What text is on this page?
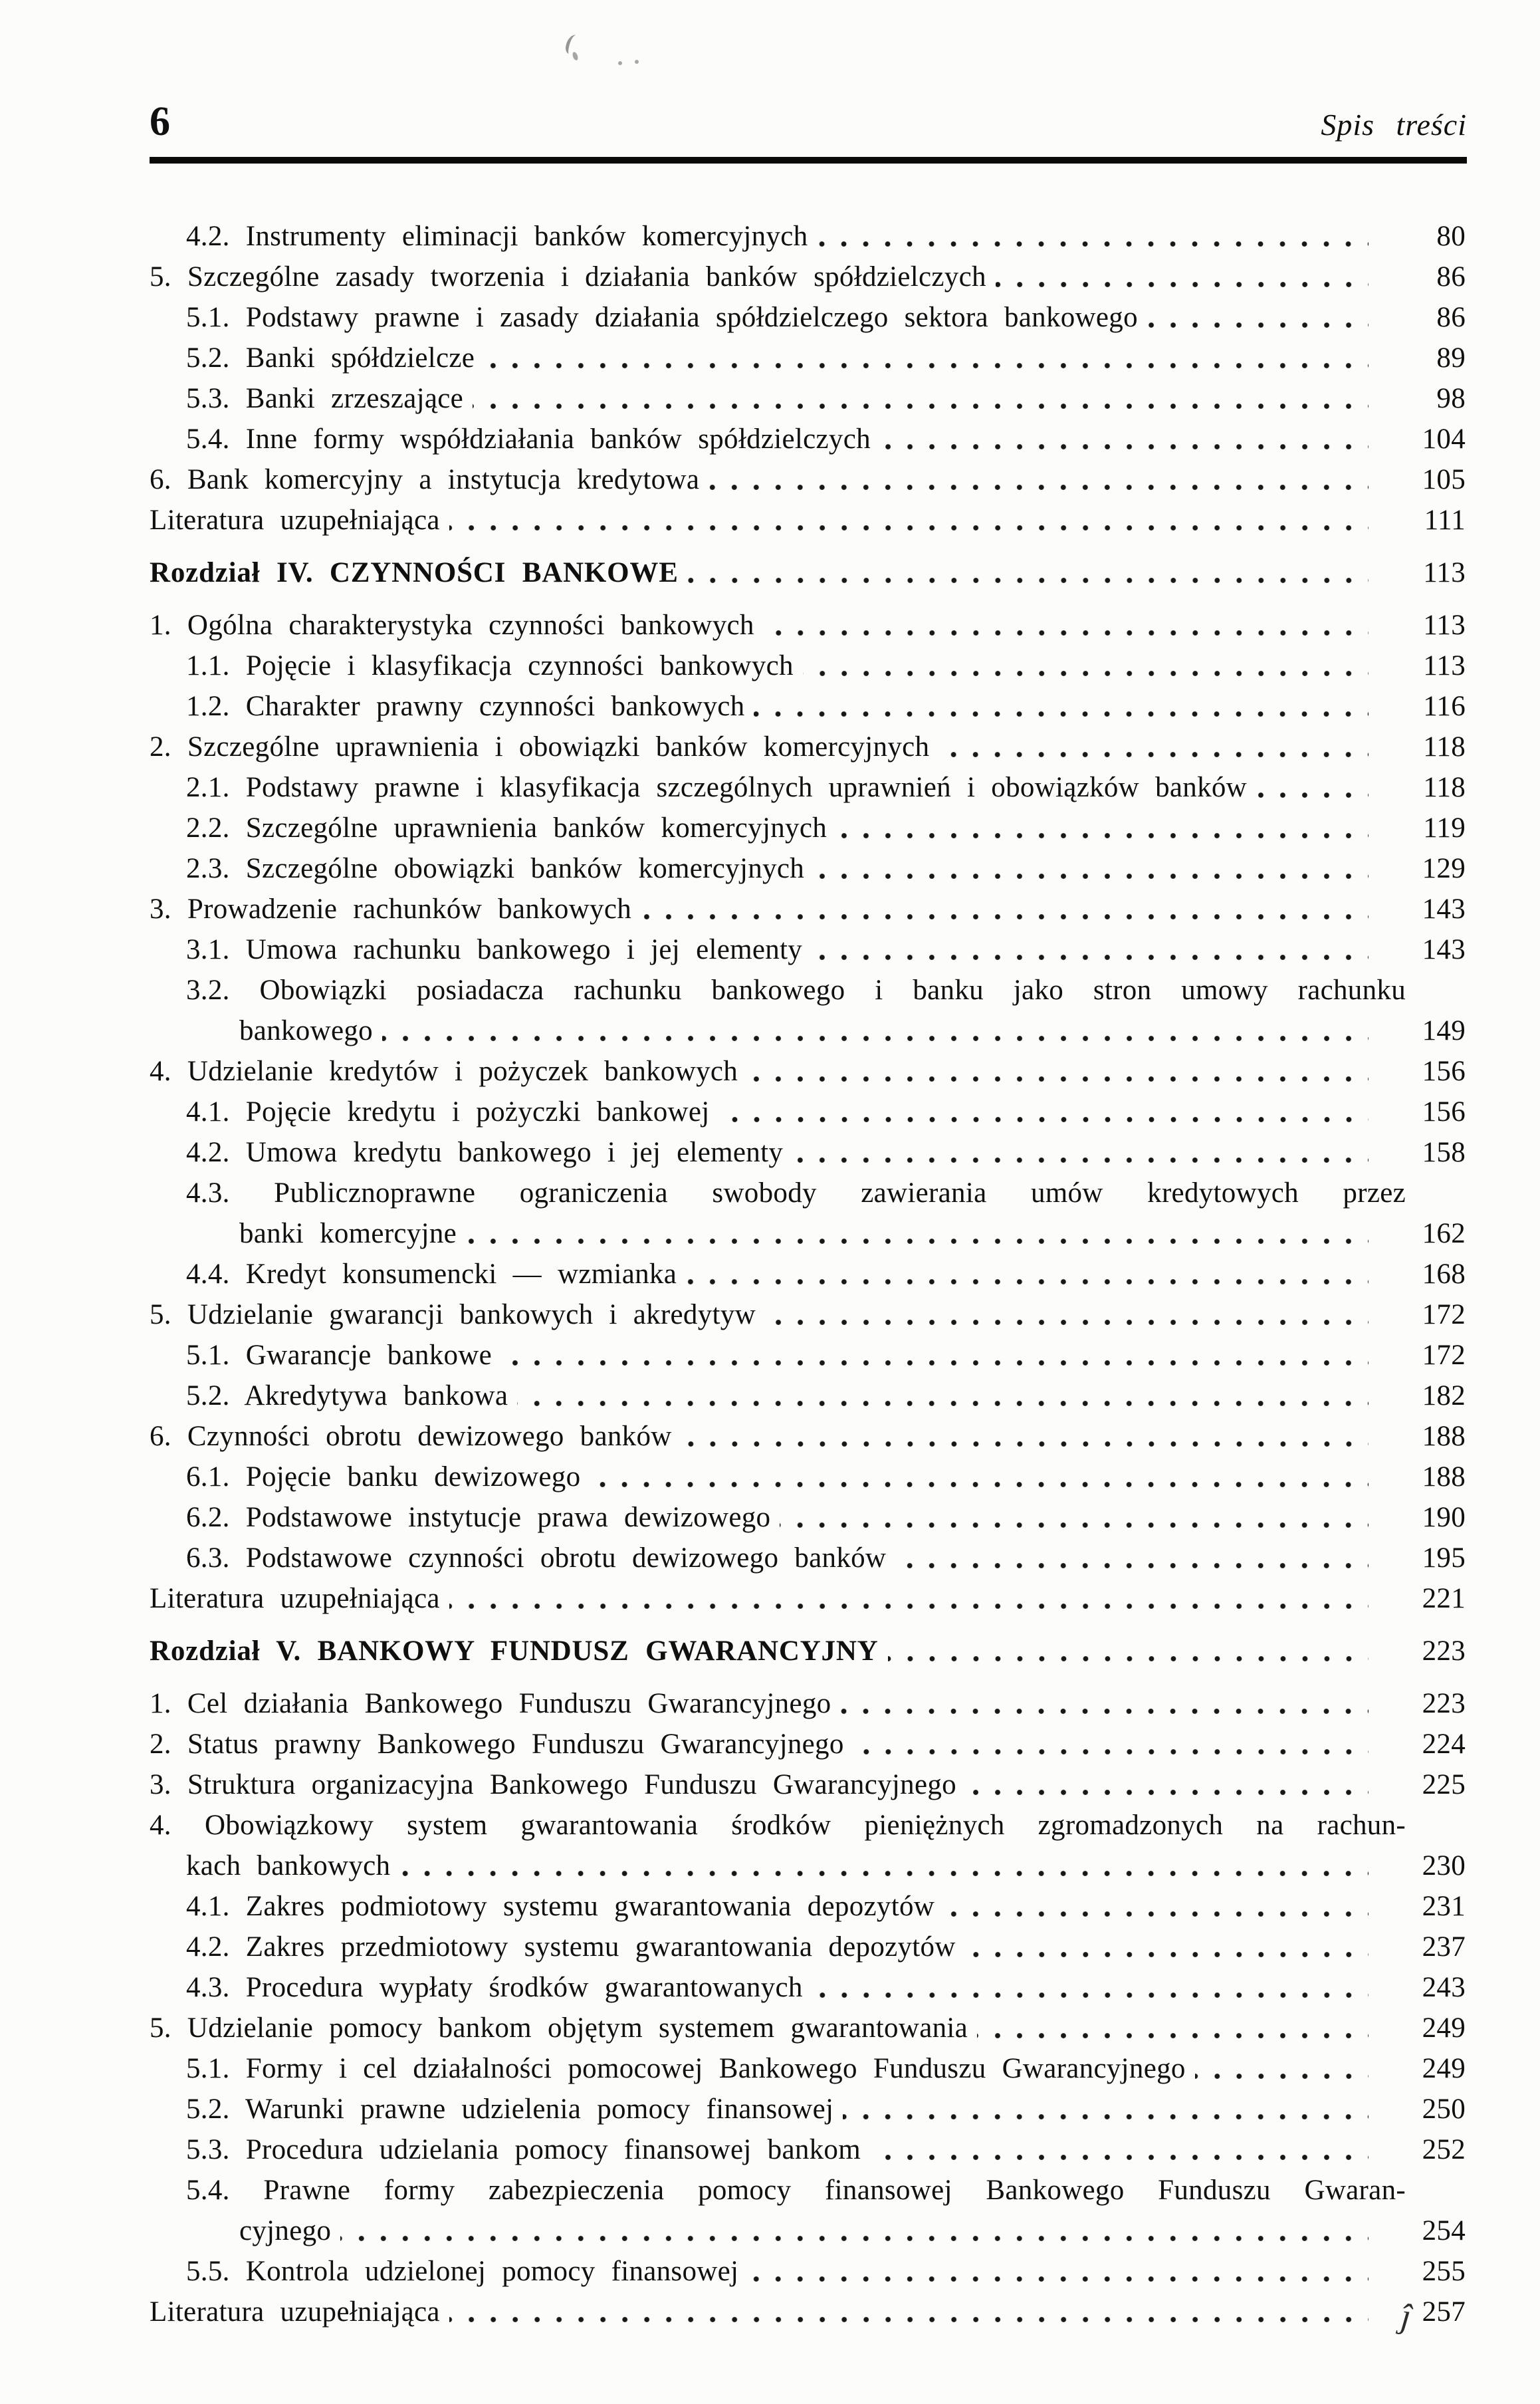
6	Spis treści
4.2. Instrumenty eliminacji banków komercyjnych	80
5. Szczególne zasady tworzenia i działania banków spółdzielczych	86
5.1. Podstawy prawne i zasady działania spółdzielczego sektora bankowego	86
5.2. Banki spółdzielcze	89
5.3. Banki zrzeszające	98
5.4. Inne formy współdziałania banków spółdzielczych	104
6. Bank komercyjny a instytucja kredytowa	105
Literatura uzupełniająca	111
Rozdział IV. CZYNNOŚCI BANKOWE	113
1. Ogólna charakterystyka czynności bankowych	113
1.1. Pojęcie i klasyfikacja czynności bankowych	113
1.2. Charakter prawny czynności bankowych	116
2. Szczególne uprawnienia i obowiązki banków komercyjnych	118
2.1. Podstawy prawne i klasyfikacja szczególnych uprawnień i obowiązków banków	118
2.2. Szczególne uprawnienia banków komercyjnych	119
2.3. Szczególne obowiązki banków komercyjnych	129
3. Prowadzenie rachunków bankowych	143
3.1. Umowa rachunku bankowego i jej elementy	143
3.2. Obowiązki posiadacza rachunku bankowego i banku jako stron umowy rachunku
bankowego	149
4. Udzielanie kredytów i pożyczek bankowych	156
4.1. Pojęcie kredytu i pożyczki bankowej	156
4.2. Umowa kredytu bankowego i jej elementy	158
4.3. Publicznoprawne ograniczenia swobody zawierania umów kredytowych przez
banki komercyjne	162
4.4. Kredyt konsumencki — wzmianka	168
5. Udzielanie gwarancji bankowych i akredytyw	172
5.1. Gwarancje bankowe	172
5.2. Akredytywa bankowa	182
6. Czynności obrotu dewizowego banków	188
6.1. Pojęcie banku dewizowego	188
6.2. Podstawowe instytucje prawa dewizowego	190
6.3. Podstawowe czynności obrotu dewizowego banków	195
Literatura uzupełniająca	221
Rozdział V. BANKOWY FUNDUSZ GWARANCYJNY	223
1. Cel działania Bankowego Funduszu Gwarancyjnego	223
2. Status prawny Bankowego Funduszu Gwarancyjnego	224
3. Struktura organizacyjna Bankowego Funduszu Gwarancyjnego	225
4. Obowiązkowy system gwarantowania środków pieniężnych zgromadzonych na rachun-
kach bankowych	230
4.1. Zakres podmiotowy systemu gwarantowania depozytów	231
4.2. Zakres przedmiotowy systemu gwarantowania depozytów	237
4.3. Procedura wypłaty środków gwarantowanych	243
5. Udzielanie pomocy bankom objętym systemem gwarantowania	249
5.1. Formy i cel działalności pomocowej Bankowego Funduszu Gwarancyjnego	249
5.2. Warunki prawne udzielenia pomocy finansowej	250
5.3. Procedura udzielania pomocy finansowej bankom	252
5.4. Prawne formy zabezpieczenia pomocy finansowej Bankowego Funduszu Gwaran-
cyjnego	254
5.5. Kontrola udzielonej pomocy finansowej	255
Literatura uzupełniająca	257
ĵ
